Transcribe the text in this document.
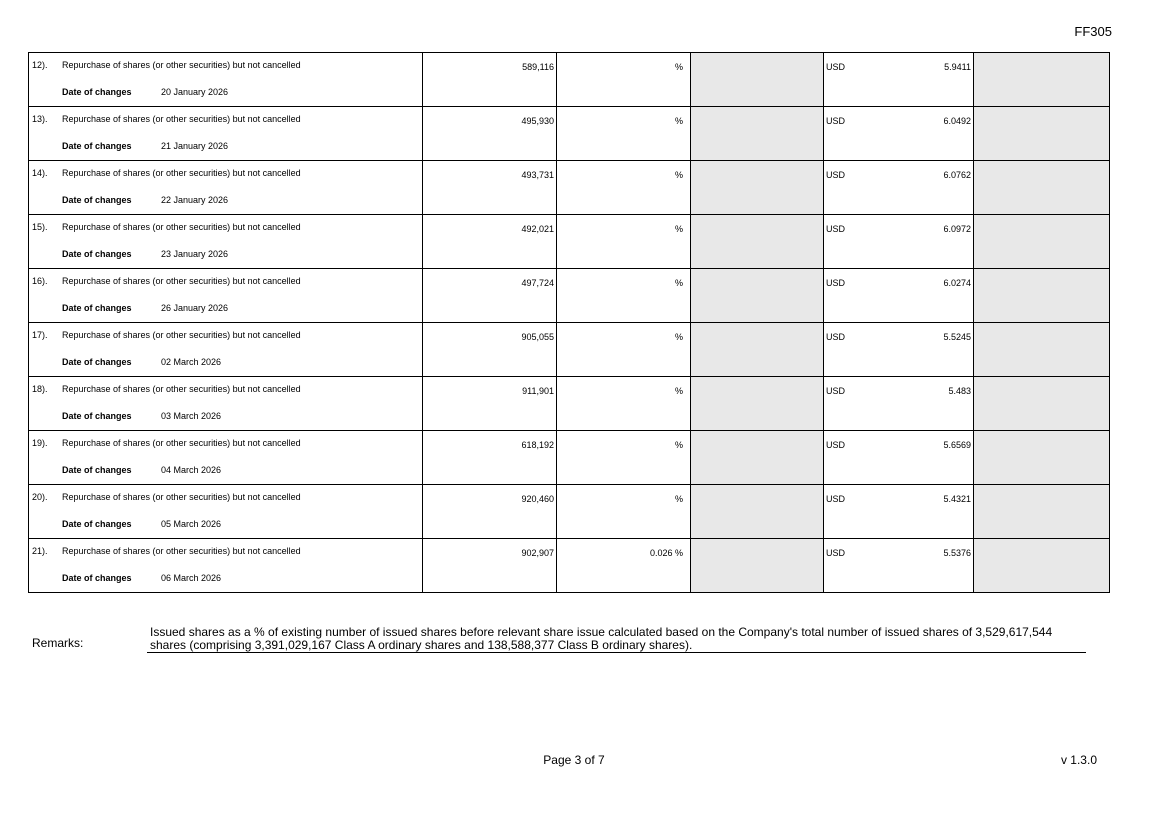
FF305
12). Repurchase of shares (or other securities) but not cancelled
Date of changes 20 January 2026	589,116	%		USD 5.9411	

13). Repurchase of shares (or other securities) but not cancelled
Date of changes 21 January 2026	495,930	%		USD 6.0492	

14). Repurchase of shares (or other securities) but not cancelled
Date of changes 22 January 2026	493,731	%		USD 6.0762	

15). Repurchase of shares (or other securities) but not cancelled
Date of changes 23 January 2026	492,021	%		USD 6.0972	

16). Repurchase of shares (or other securities) but not cancelled
Date of changes 26 January 2026	497,724	%		USD 6.0274	

17). Repurchase of shares (or other securities) but not cancelled
Date of changes 02 March 2026	905,055	%		USD 5.5245	

18). Repurchase of shares (or other securities) but not cancelled
Date of changes 03 March 2026	911,901	%		USD 5.483	

19). Repurchase of shares (or other securities) but not cancelled
Date of changes 04 March 2026	618,192	%		USD 5.6569	

20). Repurchase of shares (or other securities) but not cancelled
Date of changes 05 March 2026	920,460	%		USD 5.4321	

21). Repurchase of shares (or other securities) but not cancelled
Date of changes 06 March 2026	902,907	0.026 %		USD 5.5376	

Remarks:
Issued shares as a % of existing number of issued shares before relevant share issue calculated based on the Company's total number of issued shares of 3,529,617,544 shares (comprising 3,391,029,167 Class A ordinary shares and 138,588,377 Class B ordinary shares).
Page 3 of 7	v 1.3.0
